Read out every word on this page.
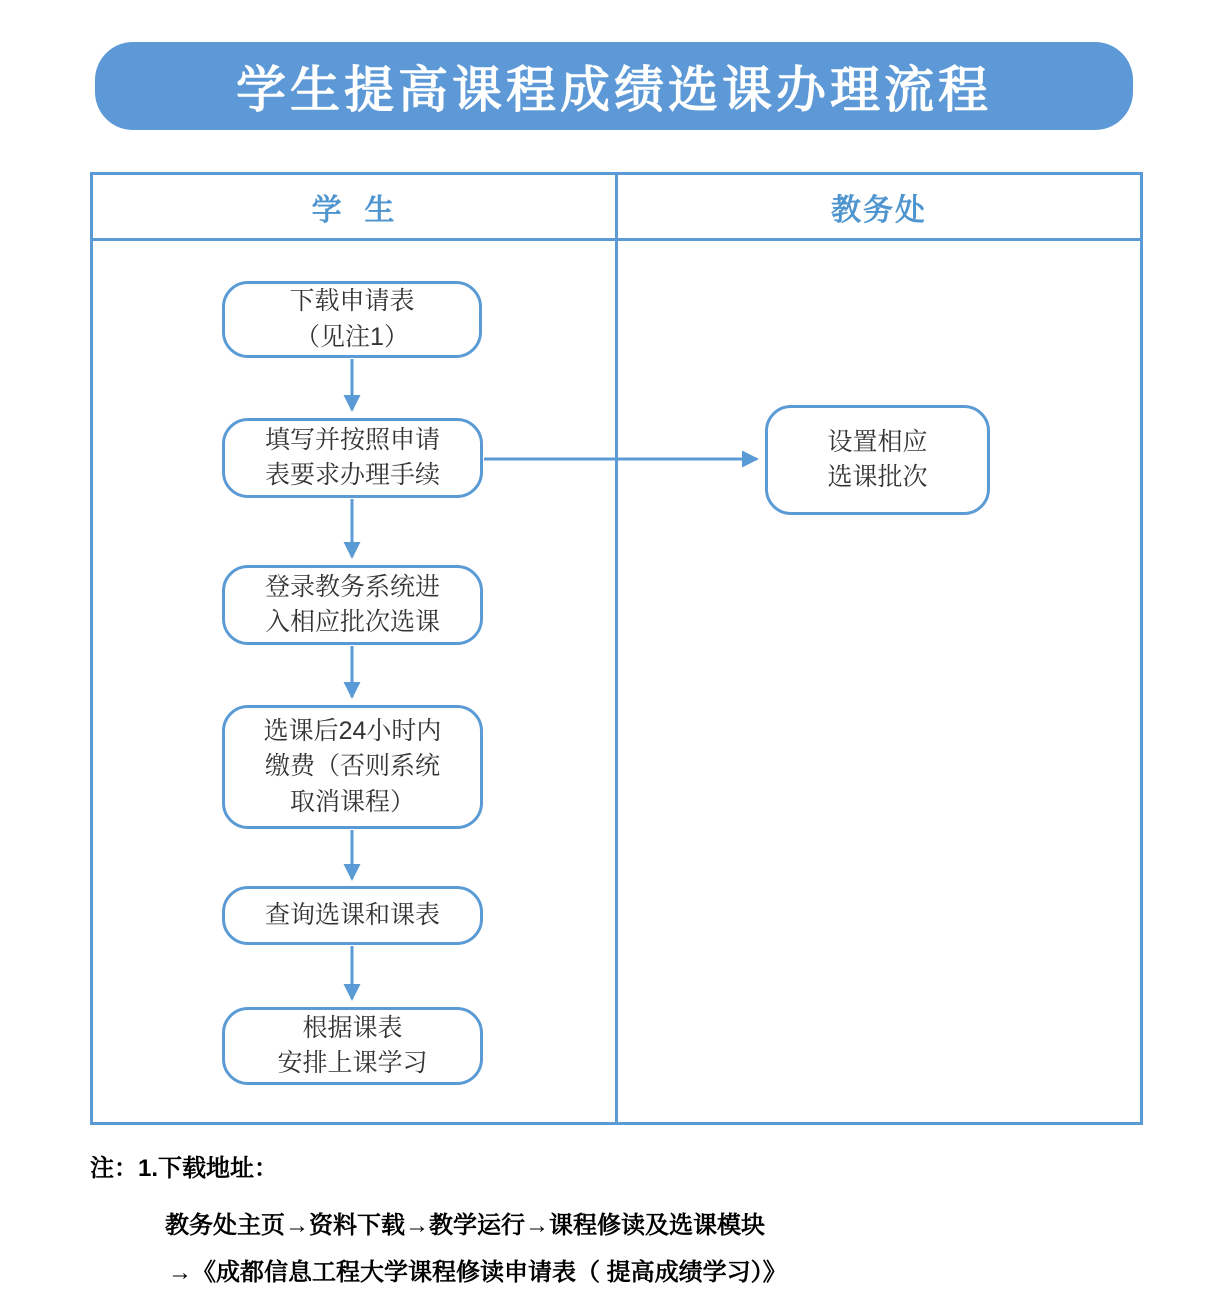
学生提高课程成绩选课办理流程
学  生	教务处
下载申请表
（见注1）
填写并按照申请
表要求办理手续
登录教务系统进
入相应批次选课
选课后24小时内
缴费（否则系统
取消课程）
查询选课和课表
根据课表
安排上课学习
设置相应
选课批次
注：1.下载地址：
教务处主页→资料下载→教学运行→课程修读及选课模块
→《成都信息工程大学课程修读申请表（ 提高成绩学习）》
